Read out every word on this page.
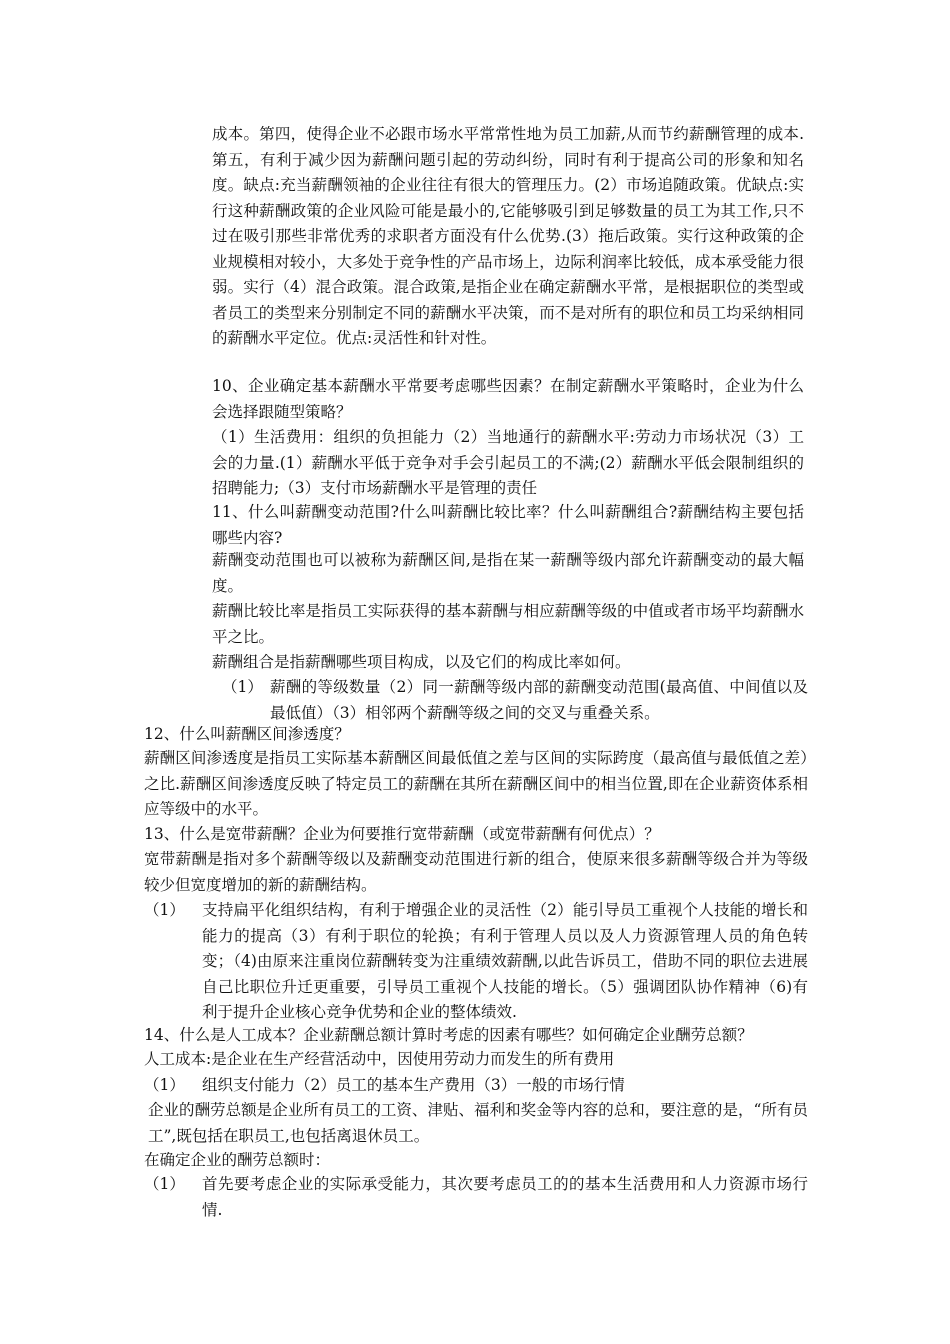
成本。第四，使得企业不必跟市场水平常常性地为员工加薪,从而节约薪酬管理的成本.第五，有利于减少因为薪酬问题引起的劳动纠纷，同时有利于提高公司的形象和知名度。缺点:充当薪酬领袖的企业往往有很大的管理压力。(2）市场追随政策。优缺点:实行这种薪酬政策的企业风险可能是最小的,它能够吸引到足够数量的员工为其工作,只不过在吸引那些非常优秀的求职者方面没有什么优势.(3）拖后政策。实行这种政策的企业规模相对较小，大多处于竞争性的产品市场上，边际利润率比较低，成本承受能力很弱。实行（4）混合政策。混合政策,是指企业在确定薪酬水平常，是根据职位的类型或者员工的类型来分别制定不同的薪酬水平决策，而不是对所有的职位和员工均采纳相同的薪酬水平定位。优点:灵活性和针对性。

10、企业确定基本薪酬水平常要考虑哪些因素？在制定薪酬水平策略时，企业为什么会选择跟随型策略？

（1）生活费用：组织的负担能力（2）当地通行的薪酬水平:劳动力市场状况（3）工会的力量.(1）薪酬水平低于竞争对手会引起员工的不满;(2）薪酬水平低会限制组织的招聘能力;（3）支付市场薪酬水平是管理的责任

11、什么叫薪酬变动范围?什么叫薪酬比较比率？什么叫薪酬组合?薪酬结构主要包括哪些内容?

薪酬变动范围也可以被称为薪酬区间,是指在某一薪酬等级内部允许薪酬变动的最大幅度。

薪酬比较比率是指员工实际获得的基本薪酬与相应薪酬等级的中值或者市场平均薪酬水平之比。

薪酬组合是指薪酬哪些项目构成，以及它们的构成比率如何。

（1） 薪酬的等级数量（2）同一薪酬等级内部的薪酬变动范围(最高值、中间值以及最低值）（3）相邻两个薪酬等级之间的交叉与重叠关系。

12、什么叫薪酬区间渗透度？

薪酬区间渗透度是指员工实际基本薪酬区间最低值之差与区间的实际跨度（最高值与最低值之差）之比.薪酬区间渗透度反映了特定员工的薪酬在其所在薪酬区间中的相当位置,即在企业薪资体系相应等级中的水平。

13、什么是宽带薪酬？企业为何要推行宽带薪酬（或宽带薪酬有何优点）？

宽带薪酬是指对多个薪酬等级以及薪酬变动范围进行新的组合，使原来很多薪酬等级合并为等级较少但宽度增加的新的薪酬结构。

（1） 支持扁平化组织结构，有利于增强企业的灵活性（2）能引导员工重视个人技能的增长和能力的提高（3）有利于职位的轮换；有利于管理人员以及人力资源管理人员的角色转变；（4)由原来注重岗位薪酬转变为注重绩效薪酬,以此告诉员工，借助不同的职位去进展自己比职位升迁更重要，引导员工重视个人技能的增长。（5）强调团队协作精神（6)有利于提升企业核心竞争优势和企业的整体绩效.

14、什么是人工成本？企业薪酬总额计算时考虑的因素有哪些？如何确定企业酬劳总额？

人工成本:是企业在生产经营活动中，因使用劳动力而发生的所有费用

（1） 组织支付能力（2）员工的基本生产费用（3）一般的市场行情

企业的酬劳总额是企业所有员工的工资、津贴、福利和奖金等内容的总和，要注意的是，“所有员工”,既包括在职员工,也包括离退休员工。

在确定企业的酬劳总额时：

（1） 首先要考虑企业的实际承受能力，其次要考虑员工的的基本生活费用和人力资源市场行情.
